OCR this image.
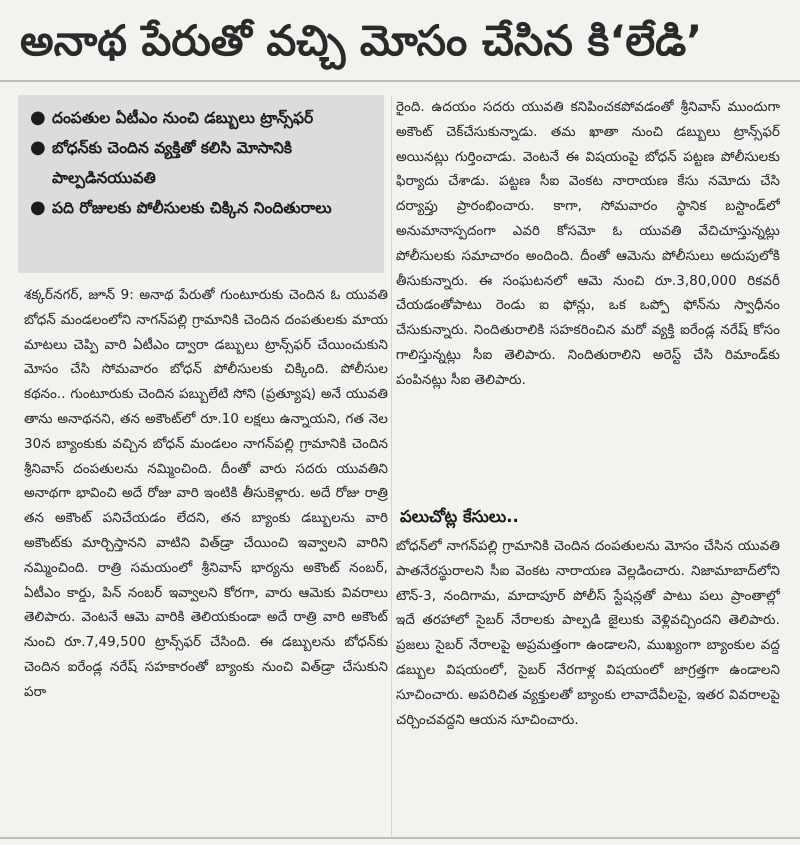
అనాథ పేరుతో వచ్చి మోసం చేసిన కి‘లేడి’
● దంపతుల ఏటీఎం నుంచి డబ్బులు ట్రాన్స్‌ఫర్
● బోధన్‌కు చెందిన వ్యక్తితో కలిసి మోసానికి పాల్పడినయువతి
● పది రోజులకు పోలీసులకు చిక్కిన నిందితురాలు

శక్కర్‌నగర్‌, జూన్‌ 9: అనాథ పేరుతో గుంటూరుకు చెందిన ఓ యువతి బోధన్‌ మండలంలోని నాగన్‌పల్లి గ్రామానికి చెందిన దంపతులకు మాయ మాటలు చెప్పి వారి ఏటీఎం ద్వారా డబ్బులు ట్రాన్స్‌ఫర్‌ చేయించుకుని మోసం చేసి సోమవారం బోధన్‌ పోలీసులకు చిక్కింది. పోలీసుల కథనం.. గుంటూరుకు చెందిన పబ్బులేటి సోని (ప్రత్యూష) అనే యువతి తాను అనాథనని, తన అకౌంట్‌లో రూ.10 లక్షలు ఉన్నాయని, గత నెల 30న బ్యాంకుకు వచ్చిన బోధన్‌ మండలం నాగన్‌పల్లి గ్రామానికి చెందిన శ్రీనివాస్‌ దంపతులను నమ్మించింది. దీంతో వారు సదరు యువతిని అనాథగా భావించి అదే రోజు వారి ఇంటికి తీసుకెళ్లారు. అదే రోజు రాత్రి తన అకౌంట్‌ పనిచేయడం లేదని, తన బ్యాంకు డబ్బులను వారి అకౌంట్‌కు మార్చిస్తానని వాటిని విత్‌డ్రా చేయించి ఇవ్వాలని వారిని నమ్మించింది. రాత్రి సమయంలో శ్రీనివాస్‌ భార్యను అకౌంట్‌ నంబర్‌, ఏటీఎం కార్డు, పిన్‌ నంబర్‌ ఇవ్వాలని కోరగా, వారు ఆమెకు వివరాలు తెలిపారు. వెంటనే ఆమె వారికి తెలియకుండా అదే రాత్రి వారి అకౌంట్‌ నుంచి రూ.7,49,500 ట్రాన్స్‌ఫర్‌ చేసింది. ఈ డబ్బులను బోధన్‌కు చెందిన ఐరేండ్ల నరేష్‌ సహకారంతో బ్యాంకు నుంచి విత్‌డ్రా చేసుకుని పరా

రైంది. ఉదయం సదరు యువతి కనిపించకపోవడంతో శ్రీనివాస్‌ ముందుగా అకౌంట్‌ చెక్‌చేసుకున్నాడు. తమ ఖాతా నుంచి డబ్బులు ట్రాన్స్‌ఫర్‌ అయినట్లు గుర్తించాడు. వెంటనే ఈ విషయంపై బోధన్‌ పట్టణ పోలీసులకు ఫిర్యాదు చేశాడు. పట్టణ సీఐ వెంకట నారాయణ కేసు నమోదు చేసి దర్యాప్తు ప్రారంభించారు. కాగా, సోమవారం స్థానిక బస్టాండ్‌లో అనుమానాస్పదంగా ఎవరి కోసమో ఓ యువతి వేచిచూస్తున్నట్లు పోలీసులకు సమాచారం అందింది. దీంతో ఆమెను పోలీసులు అదుపులోకి తీసుకున్నారు. ఈ సంఘటనలో ఆమె నుంచి రూ.3,80,000 రికవరీ చేయడంతోపాటు రెండు ఐ ఫోన్లు, ఒక ఒప్పో ఫోన్‌ను స్వాధీనం చేసుకున్నారు. నిందితురాలికి సహకరించిన మరో వ్యక్తి ఐరేండ్ల నరేష్‌ కోసం గాలిస్తున్నట్లు సీఐ తెలిపారు. నిందితురాలిని అరెస్ట్‌ చేసి రిమాండ్‌కు పంపినట్లు సీఐ తెలిపారు.

పలుచోట్ల కేసులు..

బోధన్‌లో నాగన్‌పల్లి గ్రామానికి చెందిన దంపతులను మోసం చేసిన యువతి పాతనేరస్థురాలని సీఐ వెంకట నారాయణ వెల్లడించారు. నిజామాబాద్‌లోని టౌన్‌-3, నందిగామ, మాదాపూర్‌ పోలీస్‌ స్టేషన్లతో పాటు పలు ప్రాంతాల్లో ఇదే తరహాలో సైబర్‌ నేరాలకు పాల్పడి జైలుకు వెళ్లివచ్చిందని తెలిపారు. ప్రజలు సైబర్‌ నేరాలపై అప్రమత్తంగా ఉండాలని, ముఖ్యంగా బ్యాంకుల వద్ద డబ్బుల విషయంలో, సైబర్‌ నేరగాళ్ల విషయంలో జాగ్రత్తగా ఉండాలని సూచించారు. అపరిచిత వ్యక్తులతో బ్యాంకు లావాదేవీలపై, ఇతర వివరాలపై చర్చించవద్దని ఆయన సూచించారు.
